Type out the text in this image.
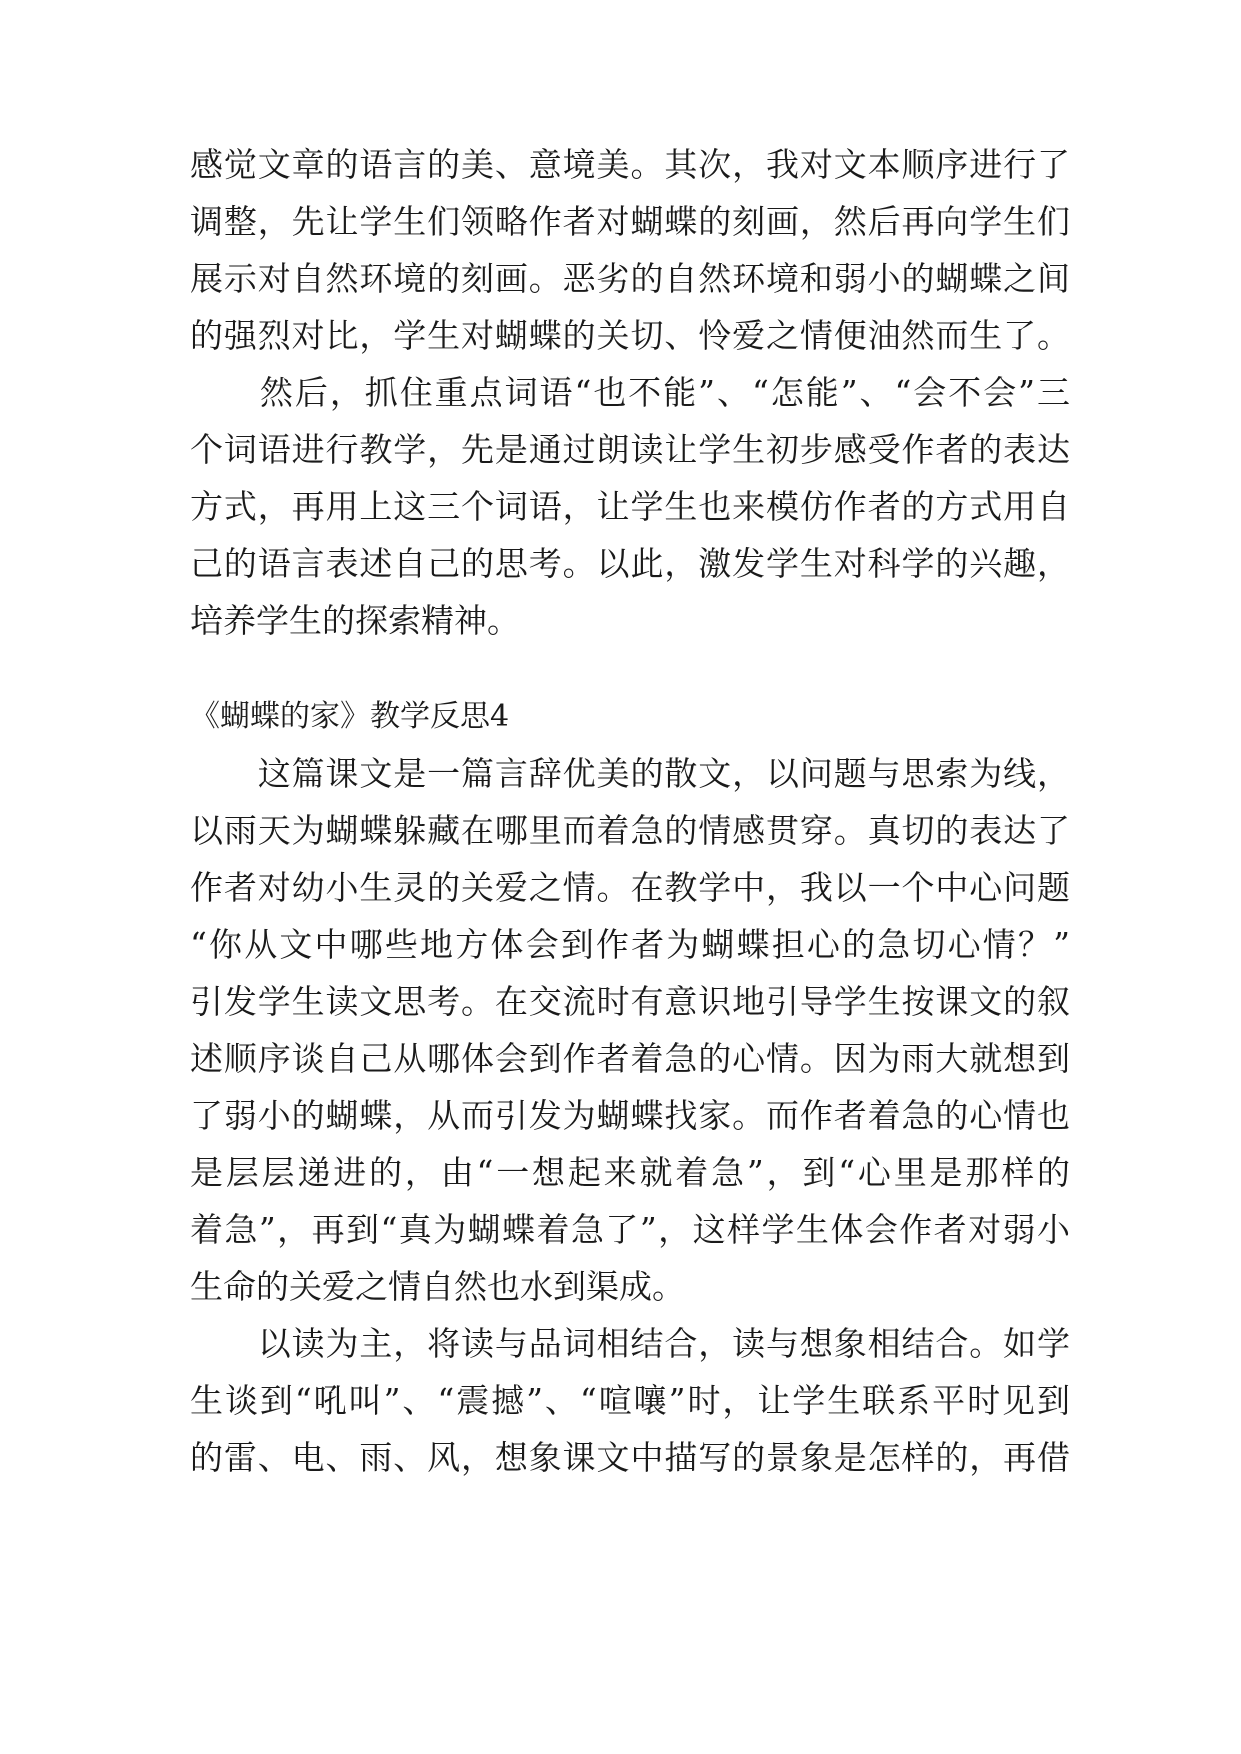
感觉文章的语言的美、意境美。其次，我对文本顺序进行了
调整，先让学生们领略作者对蝴蝶的刻画，然后再向学生们
展示对自然环境的刻画。恶劣的自然环境和弱小的蝴蝶之间
的强烈对比，学生对蝴蝶的关切、怜爱之情便油然而生了。
　　然后，抓住重点词语“也不能”、“怎能”、“会不会”三
个词语进行教学，先是通过朗读让学生初步感受作者的表达
方式，再用上这三个词语，让学生也来模仿作者的方式用自
己的语言表述自己的思考。以此，激发学生对科学的兴趣，
培养学生的探索精神。
《蝴蝶的家》教学反思4
　　这篇课文是一篇言辞优美的散文，以问题与思索为线，
以雨天为蝴蝶躲藏在哪里而着急的情感贯穿。真切的表达了
作者对幼小生灵的关爱之情。在教学中，我以一个中心问题
“你从文中哪些地方体会到作者为蝴蝶担心的急切心情？”
引发学生读文思考。在交流时有意识地引导学生按课文的叙
述顺序谈自己从哪体会到作者着急的心情。因为雨大就想到
了弱小的蝴蝶，从而引发为蝴蝶找家。而作者着急的心情也
是层层递进的，由“一想起来就着急”，到“心里是那样的
着急”，再到“真为蝴蝶着急了”，这样学生体会作者对弱小
生命的关爱之情自然也水到渠成。
　　以读为主，将读与品词相结合，读与想象相结合。如学
生谈到“吼叫”、“震撼”、“喧嚷”时，让学生联系平时见到
的雷、电、雨、风，想象课文中描写的景象是怎样的，再借
